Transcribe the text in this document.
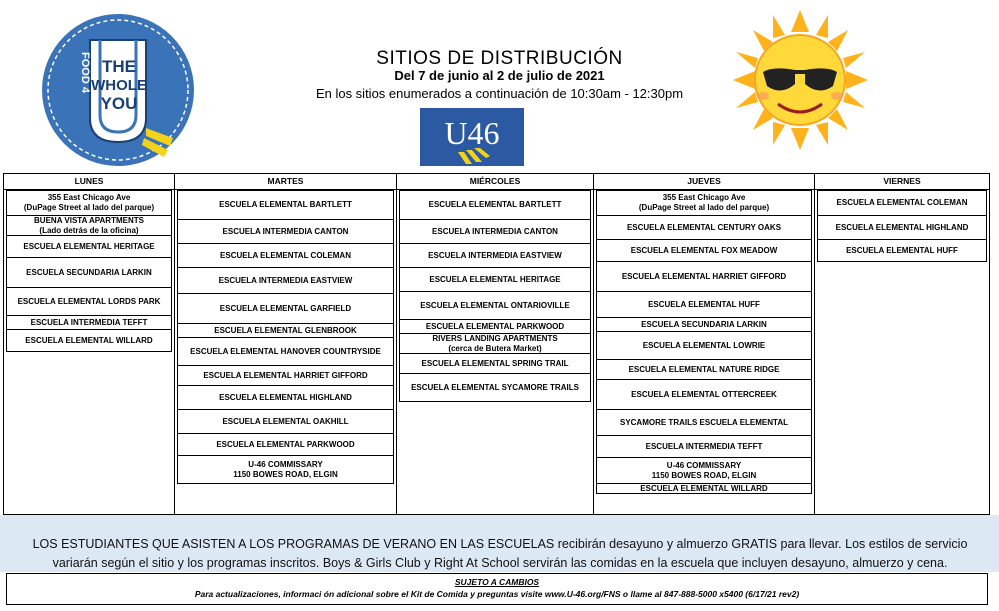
THE
WHOLE
YOU
FOOD 4	SITIOS DE DISTRIBUCIÓN
Del 7 de junio al 2 de julio de 2021
En los sitios enumerados a continuación de 10:30am - 12:30pm
U46
LUNES
355 East Chicago Ave
(DuPage Street al lado del parque)
BUENA VISTA APARTMENTS
(Lado detrás de la oficina)
ESCUELA ELEMENTAL HERITAGE
ESCUELA SECUNDARIA LARKIN
ESCUELA ELEMENTAL LORDS PARK
ESCUELA INTERMEDIA TEFFT
ESCUELA ELEMENTAL WILLARD
MARTES
ESCUELA ELEMENTAL BARTLETT
ESCUELA INTERMEDIA CANTON
ESCUELA ELEMENTAL COLEMAN
ESCUELA INTERMEDIA EASTVIEW
ESCUELA ELEMENTAL GARFIELD
ESCUELA ELEMENTAL GLENBROOK
ESCUELA ELEMENTAL HANOVER COUNTRYSIDE
ESCUELA ELEMENTAL HARRIET GIFFORD
ESCUELA ELEMENTAL HIGHLAND
ESCUELA ELEMENTAL OAKHILL
ESCUELA ELEMENTAL PARKWOOD
U-46 COMMISSARY
1150 BOWES ROAD, ELGIN
MIÉRCOLES
ESCUELA ELEMENTAL BARTLETT
ESCUELA INTERMEDIA CANTON
ESCUELA INTERMEDIA EASTVIEW
ESCUELA ELEMENTAL HERITAGE
ESCUELA ELEMENTAL ONTARIOVILLE
ESCUELA ELEMENTAL PARKWOOD
RIVERS LANDING APARTMENTS
(cerca de Butera Market)
ESCUELA ELEMENTAL SPRING TRAIL
ESCUELA ELEMENTAL SYCAMORE TRAILS
JUEVES
355 East Chicago Ave
(DuPage Street al lado del parque)
ESCUELA ELEMENTAL CENTURY OAKS
ESCUELA ELEMENTAL FOX MEADOW
ESCUELA ELEMENTAL HARRIET GIFFORD
ESCUELA ELEMENTAL HUFF
ESCUELA SECUNDARIA LARKIN
ESCUELA ELEMENTAL LOWRIE
ESCUELA ELEMENTAL NATURE RIDGE
ESCUELA ELEMENTAL OTTERCREEK
SYCAMORE TRAILS ESCUELA ELEMENTAL
ESCUELA INTERMEDIA TEFFT
U-46 COMMISSARY
1150 BOWES ROAD, ELGIN
ESCUELA ELEMENTAL WILLARD
VIERNES
ESCUELA ELEMENTAL COLEMAN
ESCUELA ELEMENTAL HIGHLAND
ESCUELA ELEMENTAL HUFF
LOS ESTUDIANTES QUE ASISTEN A LOS PROGRAMAS DE VERANO EN LAS ESCUELAS recibirán desayuno y almuerzo GRATIS para llevar. Los estilos de servicio variarán según el sitio y los programas inscritos. Boys & Girls Club y Right At School servirán las comidas en la escuela que incluyen desayuno, almuerzo y cena.
SUJETO A CAMBIOS
Para actualizaciones, informaci ón adicional sobre el Kit de Comida y preguntas visite www.U-46.org/FNS o llame al 847-888-5000 x5400 (6/17/21 rev2)
